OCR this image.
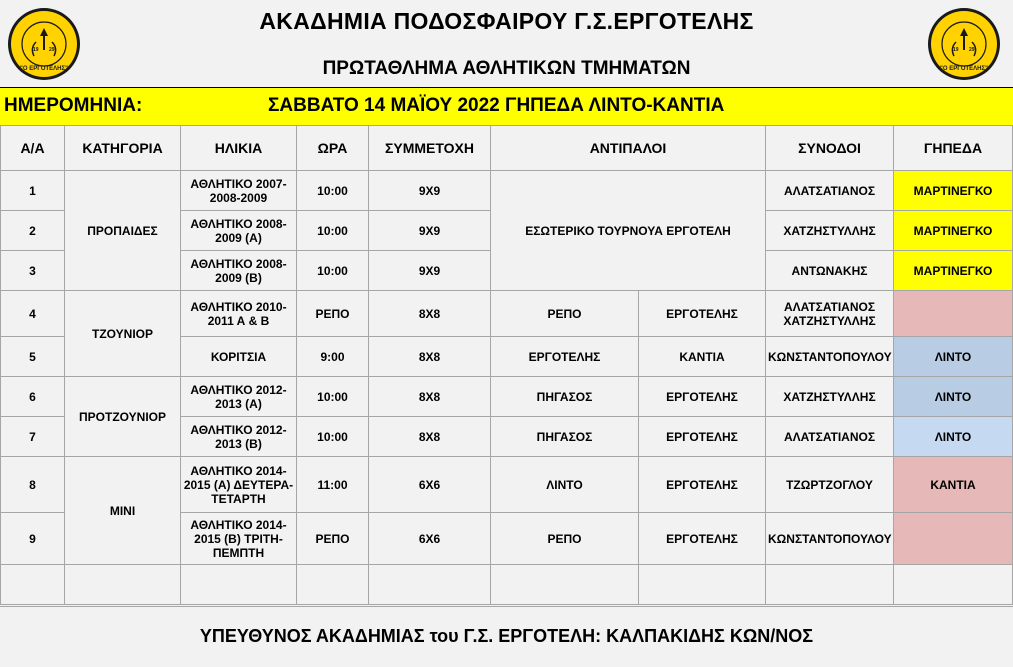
19 29
"Ο ΕΡΓΟΤΕΛΗΣ"
ΑΚΑΔΗΜΙΑ ΠΟΔΟΣΦΑΙΡΟΥ Γ.Σ.ΕΡΓΟΤΕΛΗΣ
ΠΡΩΤΑΘΛΗΜΑ ΑΘΛΗΤΙΚΩΝ ΤΜΗΜΑΤΩΝ
19 29
"Ο ΕΡΓΟΤΕΛΗΣ"
ΗΜΕΡΟΜΗΝΙΑ:	ΣΑΒΒΑΤΟ 14 ΜΑΪΟΥ 2022 ΓΗΠΕΔΑ ΛΙΝΤΟ-ΚΑΝΤΙΑ
Α/Α	ΚΑΤΗΓΟΡΙΑ	ΗΛΙΚΙΑ	ΩΡΑ	ΣΥΜΜΕΤΟΧΗ	ΑΝΤΙΠΑΛΟΙ		ΣΥΝΟΔΟΙ	ΓΗΠΕΔΑ
1	ΠΡΟΠΑΙΔΕΣ	ΑΘΛΗΤΙΚΟ 2007-2008-2009	10:00	9Χ9	ΕΣΩΤΕΡΙΚΟ ΤΟΥΡΝΟΥΑ ΕΡΓΟΤΕΛΗ		ΑΛΑΤΣΑΤΙΑΝΟΣ	ΜΑΡΤΙΝΕΓΚΟ
2		ΑΘΛΗΤΙΚΟ 2008-2009 (Α)	10:00	9Χ9			ΧΑΤΖΗΣΤΥΛΛΗΣ	ΜΑΡΤΙΝΕΓΚΟ
3		ΑΘΛΗΤΙΚΟ 2008-2009 (Β)	10:00	9Χ9			ΑΝΤΩΝΑΚΗΣ	ΜΑΡΤΙΝΕΓΚΟ
4	ΤΖΟΥΝΙΟΡ	ΑΘΛΗΤΙΚΟ 2010-2011 Α & Β	ΡΕΠΟ	8Χ8	ΡΕΠΟ	ΕΡΓΟΤΕΛΗΣ	ΑΛΑΤΣΑΤΙΑΝΟΣ
ΧΑΤΖΗΣΤΥΛΛΗΣ	
5		ΚΟΡΙΤΣΙΑ	9:00	8Χ8	ΕΡΓΟΤΕΛΗΣ	ΚΑΝΤΙΑ	ΚΩΝΣΤΑΝΤΟΠΟΥΛΟΥ	ΛΙΝΤΟ
6	ΠΡΟΤΖΟΥΝΙΟΡ	ΑΘΛΗΤΙΚΟ 2012-2013 (Α)	10:00	8Χ8	ΠΗΓΑΣΟΣ	ΕΡΓΟΤΕΛΗΣ	ΧΑΤΖΗΣΤΥΛΛΗΣ	ΛΙΝΤΟ
7		ΑΘΛΗΤΙΚΟ 2012-2013 (Β)	10:00	8Χ8	ΠΗΓΑΣΟΣ	ΕΡΓΟΤΕΛΗΣ	ΑΛΑΤΣΑΤΙΑΝΟΣ	ΛΙΝΤΟ
8	ΜΙΝΙ	ΑΘΛΗΤΙΚΟ 2014-2015 (Α) ΔΕΥΤΕΡΑ-ΤΕΤΑΡΤΗ	11:00	6Χ6	ΛΙΝΤΟ	ΕΡΓΟΤΕΛΗΣ	ΤΖΩΡΤΖΟΓΛΟΥ	ΚΑΝΤΙΑ
9		ΑΘΛΗΤΙΚΟ 2014-2015 (Β) ΤΡΙΤΗ-ΠΕΜΠΤΗ	ΡΕΠΟ	6Χ6	ΡΕΠΟ	ΕΡΓΟΤΕΛΗΣ	ΚΩΝΣΤΑΝΤΟΠΟΥΛΟΥ	

ΥΠΕΥΘΥΝΟΣ ΑΚΑΔΗΜΙΑΣ του Γ.Σ. ΕΡΓΟΤΕΛΗ: ΚΑΛΠΑΚΙΔΗΣ ΚΩΝ/ΝΟΣ
